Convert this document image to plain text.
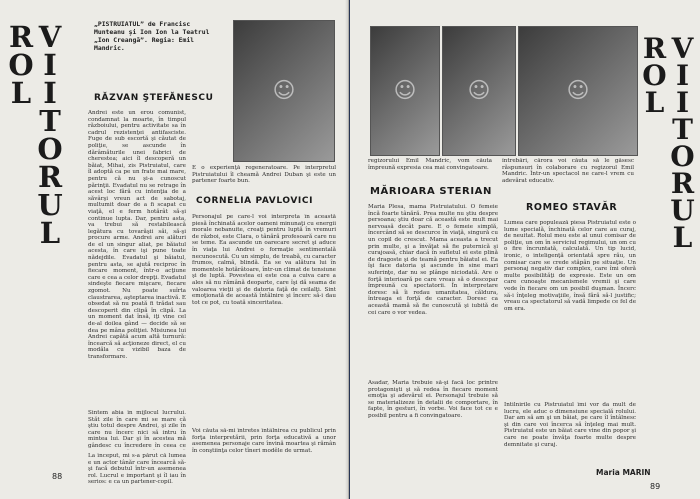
VIITORUL
ROL	„PISTRUIATUL” de Francisc Munteanu şi Ion Ion la Teatrul „Ion Creangă”. Regia: Emil Mandric.
☺
RĂZVAN ŞTEFĂNESCU
Andrei este un erou comunist, condamnat la moarte, în timpul războiului, pentru activitate sa în cadrul rezistenţei antifasciste. Fuge de sub escortă şi căutat de poliţie, se ascunde în dărâmăturile unei fabrici de cherestea; aici îl descoperă un băiat, Mihai, zis Pistruiatul, care îl adoptă ca pe un frate mai mare, pentru că nu şi-a cunoscut părinţii. Evadatul nu se retrage în acest loc fără cu intenţia de a săvârşi vreun act de sabotaj, multumit doar de a fi scapat cu viaţă, el e ferm hotărât să-şi continue lupta. Dar, pentru asta, va trebui să restabilească legătura cu tovarăşii săi, să-şi procure arme. Andrei are alături de el un singur aliat, pe băiatul acesta, în care işi pune toate nădejdile. Evadatul şi băiatul, pentru asta, se ajută reciproc în fiecare moment, într-o acţiune care e cea a celor drepţi. Evadatul sindeşte fiecare mişcare, fiecare zgomot. Nu poate suîrta claustrarea, aşteptarea inactivă. E obsedat să nu poată fi trădat sau descoperit din clipă în clipă. La un moment dat însă, iţi vine cel de-al doilea gând — decide să se dea pe mâna poliţiei. Misiunea lui Andrei capătă acum altă turnură: încearcă să acţioneze direct, el cu modăla cu vizibil baza de transformare.
Sintem abia în mijlocul lucrului. Stăt zile în care mi se mare că ştiu totul despre Andrei, şi zile în care nu încerc nici să intru în mintea lui. Dar şi în acestea mă gândesc cu încredere în ceea ce
La început, mi s-a părut că lumea e un actor tânăr care încearcă să-şi facă debutul într-un asemenea rol. Lucrul e important şi îl iau în serios: e ca un partener-copil.
E o experienţă regeneratoare. Pe interpretul Pistruiatului îl cheamă Andrei Duban şi este un partener foarte bun.
CORNELIA PAVLOVICI
Personajul pe care-l voi interpreta în această piesă închinată acelor oameni minunaţi cu energii morale nebanuite, creaţi pentru luptă în vremuri de război, este Clara, o tânără profesoară care nu se teme. Ea ascunde un oarecare secret şi aduce în viaţa lui Andrei o formaţie sentimentală necunoscută. Cu un simplu, de treabă, cu caracter frumos, calmă, blindă. Ea se va alătura lui în momentele hotărâtoare, într-un climat de tensiune şi de luptă. Povestea ei este cea a cuiva care a ales să nu rămână deoparte, care îşi dă seama de valoarea vieţii şi de datoria faţă de ceilalţi. Sint emoţionată de această întâlnire şi încerc să-i dau tot ce pot, cu toată sinceritatea.
Voi căuta să-mi întretes întâlnirea cu publicul prin forţa interpretării, prin forţa educativă a unor asemenea personaje care învină moartea şi rămân în conştiinţa celor tîneri modêle de urmat.
88
☺ ☺	☺	VIITORUL
ROL
regizorului Emil Mandric, vom căuta împreună expresia cea mai convingatoare.
întrebări, cărora voi căuta să le găsesc răspunsuri în colaborare cu regizorul Emil Mandric. Într-un spectacol ne care-l vrem cu adevărat educativ.
MĂRIOARA STERIAN
Maria Plesa, mama Pistruiatului. O femeie încă foarte tânără. Prea multe nu ştiu despre persoana; ştiu doar că această este mult mai nervoasă decât pare. E o femeie simplă, încercând să se descurce în viaţă, singură cu un copil de crescut. Mama aceasta a trecut prin multe, şi a învăţat să fie puternică şi curajoasă, chiar dacă în sufletul ei este plină de dragoste şi de teamă pentru băiatul ei. Ea îşi face datoria şi ascunde în sine mari suferinţe, dar nu se plânge niciodată. Are o forţă interioară pe care vreau să o descopar împreună cu spectatorii. În interpretare doresc să îi redau umanitatea, căldura, întreaga ei forţă de caracter. Doresc ca această mamă să fie cunoscută şi iubită de cei care o vor vedea.
Asadar, Maria trebuie să-şi facă loc printre protagonişti şi să redea în fiecare moment emoţia şi adevărul ei. Personajul trebuie să se materializeze în detalii de comportare, în fapte, în gesturi, în vorbe. Voi face tot ce e posibil pentru a fi convingatoare.
ROMEO STAVĂR
Lumea care populează piesa Pistruiatul este o lume specială, închinată celor care au curaj, de neuitat. Rolul meu este al unui comisar de poliţie, un om în serviciul regimului, un om cu o fire încruntată, calculată. Un tip lucid, ironic, o inteligenţă orientată spre rău, un comisar care se crede stăpân pe situaţie. Un personaj negativ dar complex, care îmi oferă multe posibilităţi de expresie. Este un om care cunoaşte mecanismele vremii şi care vede în fiecare om un posibil duşman. Încerc să-i înţeleg motivaţiile, însă fără să-l justific; vreau ca spectatorul să vadă limpede ce fel de om era.
Intilnirile cu Pistruiatul îmi vor da mult de lucru, ele aduc o dimensiune specială rolului. Dar am să am şi un băiat, pe care îl întâlnesc şi din care voi încerca să înţeleg mai mult. Pistruiatul este un băiat care vine din popor şi care ne poate învăţa foarte multe despre demnitate şi curaj.
Maria MARIN
89
